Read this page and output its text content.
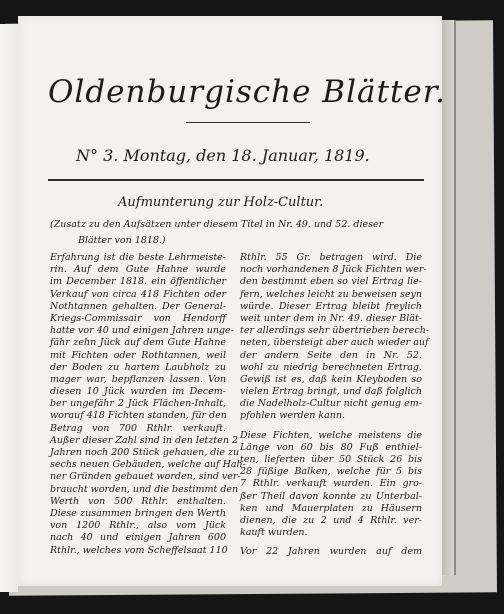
Oldenburgische Blätter.
N° 3. Montag, den 18. Januar, 1819.
Aufmunterung zur Holz-Cultur.
(Zusatz zu den Aufsätzen unter diesem Titel in Nr. 49. und 52. dieser
Blätter von 1818.)
Erfahrung ist die beste Lehrmeiste-
rin. Auf dem Gute Hahne wurde
im December 1818. ein öffentlicher
Verkauf von circa 418 Fichten oder
Nothtannen gehalten. Der General-
Kriegs-Commissair von Hendorff
hatte vor 40 und einigen Jahren unge-
fähr zehn Jück auf dem Gute Hahne
mit Fichten oder Rothtannen, weil
der Boden zu hartem Laubholz zu
mager war, bepflanzen lassen. Von
diesen 10 Jück wurden im Decem-
ber ungefähr 2 Jück Flächen-Inhalt,
worauf 418 Fichten standen, für den
Betrag von 700 Rthlr. verkauft.
Außer dieser Zahl sind in den letzten 2
Jahren noch 200 Stück gehauen, die zu
sechs neuen Gebäuden, welche auf Hah-
ner Gründen gebauet worden, sind ver-
braucht worden, und die bestimmt den
Werth von 500 Rthlr. enthalten.
Diese zusammen bringen den Werth
von 1200 Rthlr., also vom Jück
nach 40 und einigen Jahren 600
Rthlr., welches vom Scheffelsaat 110
Rthlr. 55 Gr. betragen wird. Die
noch vorhandenen 8 Jück Fichten wer-
den bestimmt eben so viel Ertrag lie-
fern, welches leicht zu beweisen seyn
würde. Dieser Ertrag bleibt freylich
weit unter dem in Nr. 49. dieser Blät-
ter allerdings sehr übertrieben berech-
neten, übersteigt aber auch wieder auf
der andern Seite den in Nr. 52.
wohl zu niedrig berechneten Ertrag.
Gewiß ist es, daß kein Kleyboden so
vielen Ertrag bringt, und daß folglich
die Nadelholz-Cultur nicht genug em-
pfohlen werden kann.
Diese Fichten, welche meistens die
Länge von 60 bis 80 Fuß enthiel-
ten, lieferten über 50 Stück 26 bis
28 füßige Balken, welche für 5 bis
7 Rthlr. verkauft wurden. Ein gro-
ßer Theil davon konnte zu Unterbal-
ken und Mauerplaten zu Häusern
dienen, die zu 2 und 4 Rthlr. ver-
kauft wurden.
Vor 22 Jahren wurden auf dem
